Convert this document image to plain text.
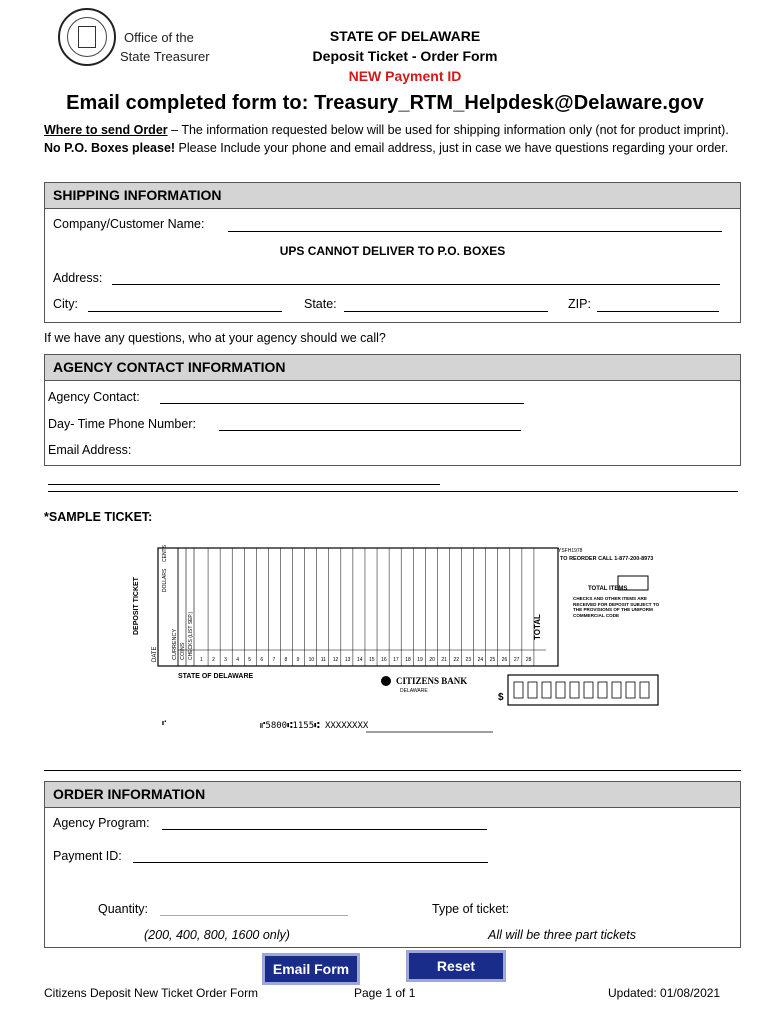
Office of the
State Treasurer
STATE OF DELAWARE
Deposit Ticket - Order Form
NEW Payment ID
Email completed form to: Treasury_RTM_Helpdesk@Delaware.gov
Where to send Order – The information requested below will be used for shipping information only (not for product imprint). No P.O. Boxes please! Please Include your phone and email address, just in case we have questions regarding your order.
SHIPPING INFORMATION
Company/Customer Name:
UPS CANNOT DELIVER TO P.O. BOXES
Address:
City:	State:	ZIP:
If we have any questions, who at your agency should we call?
AGENCY CONTACT INFORMATION
Agency Contact:
Day- Time Phone Number:
Email Address:
*SAMPLE TICKET:
DEPOSIT TICKET
DATE
YSFH1978
TO REORDER CALL 1-877-200-8973
1 2 3 4 5 6 7 8 9 10 11 12 13 14 15 16 17 18 19 20 21 22 23 24 25 26 27 28
CURRENCY COINS CHECKS (LIST SEP.)
DOLLARS
CENTS
TOTAL
TOTAL ITEMS
CHECKS AND OTHER ITEMS ARE RECEIVED FOR DEPOSIT SUBJECT TO THE PROVISIONS OF THE UNIFORM COMMERCIAL CODE
STATE OF DELAWARE	CITIZENS BANK
DELAWARE
$
⑈	⑈5800⑆1155⑆ XXXXXXXX
ORDER INFORMATION
Agency Program:
Payment ID:
Quantity:
(200, 400, 800, 1600 only)
Type of ticket:
All will be three part tickets
Email Form	Reset
Citizens Deposit New Ticket Order Form	Page 1 of 1	Updated: 01/08/2021
